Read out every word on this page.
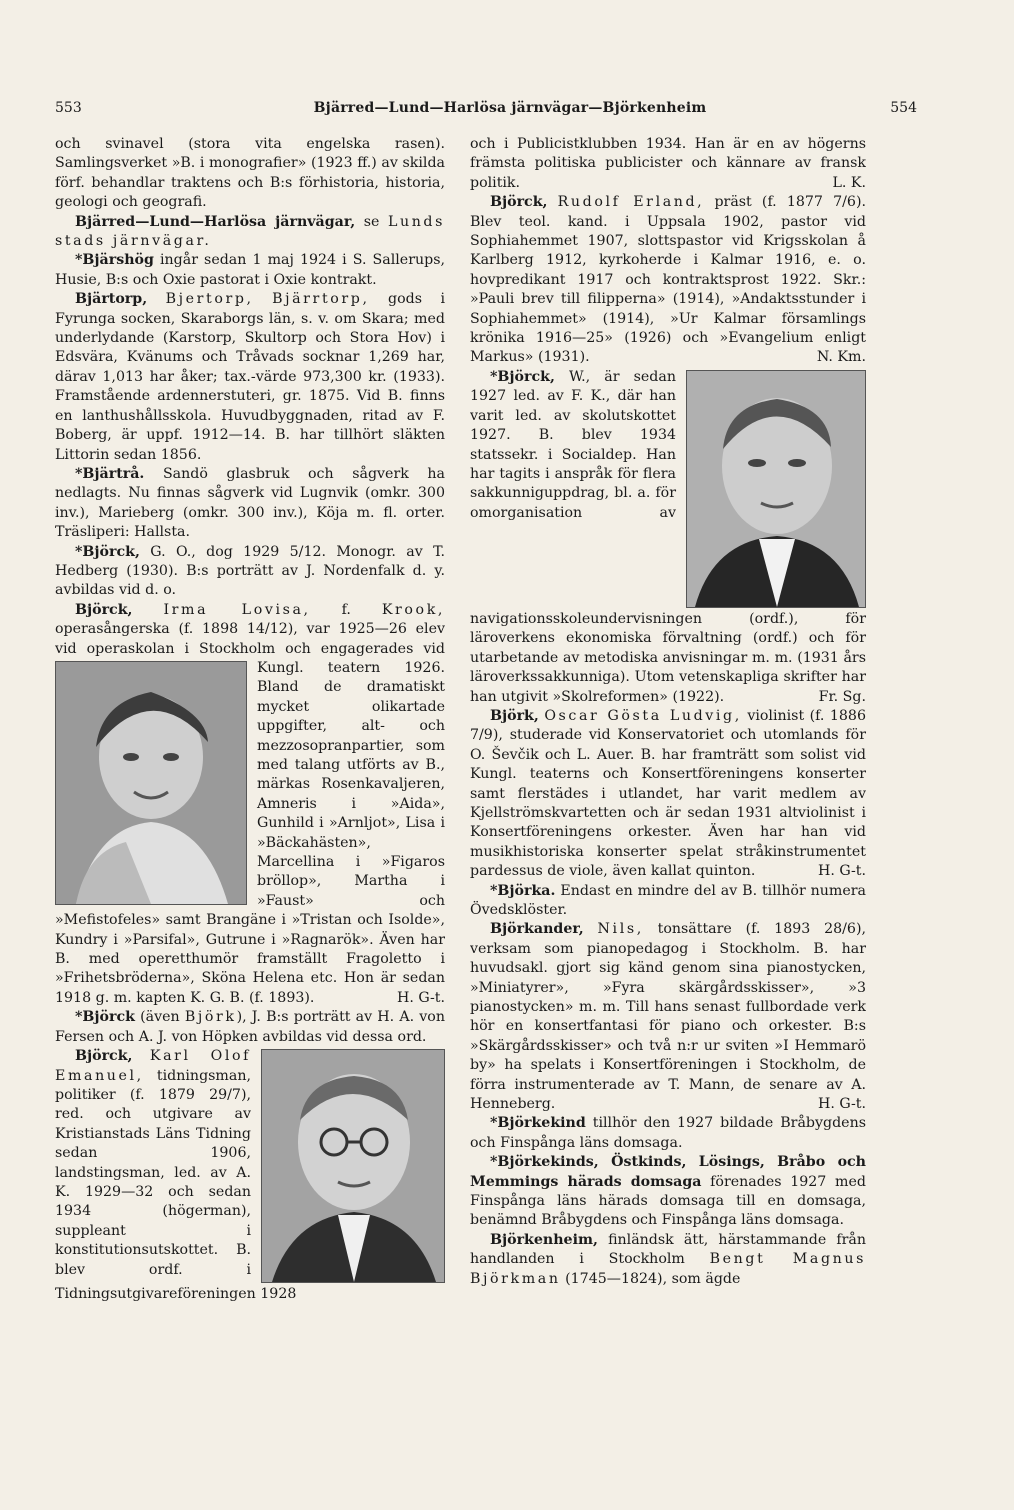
553	Bjärred—Lund—Harlösa järnvägar—Björkenheim	554

och svinavel (stora vita engelska rasen). Samlingsverket »B. i monografier» (1923 ff.) av skilda förf. behandlar traktens och B:s förhistoria, historia, geologi och geografi.

Bjärred—Lund—Harlösa järnvägar, se Lunds stads järnvägar.

*Bjärshög ingår sedan 1 maj 1924 i S. Sallerups, Husie, B:s och Oxie pastorat i Oxie kontrakt.

Bjärtorp, Bjertorp, Bjärrtorp, gods i Fyrunga socken, Skaraborgs län, s. v. om Skara; med underlydande (Karstorp, Skultorp och Stora Hov) i Edsvära, Kvänums och Tråvads socknar 1,269 har, därav 1,013 har åker; tax.-värde 973,300 kr. (1933). Framstående ardennerstuteri, gr. 1875. Vid B. finns en lanthushållsskola. Huvudbyggnaden, ritad av F. Boberg, är uppf. 1912—14. B. har tillhört släkten Littorin sedan 1856.

*Bjärtrå. Sandö glasbruk och sågverk ha nedlagts. Nu finnas sågverk vid Lugnvik (omkr. 300 inv.), Marieberg (omkr. 300 inv.), Köja m. fl. orter. Träsliperi: Hallsta.

*Björck, G. O., dog 1929 5/12. Monogr. av T. Hedberg (1930). B:s porträtt av J. Nordenfalk d. y. avbildas vid d. o.

Björck, Irma Lovisa, f. Krook, operasångerska (f. 1898 14/12), var 1925—26 elev vid operaskolan i Stockholm och engagerades vid Kungl. teatern 1926.
Bland de dramatiskt mycket olikartade uppgifter, alt- och mezzosopranpartier, som med talang utförts av B., märkas Rosenkavaljeren, Amneris i »Aida», Gunhild i »Arnljot», Lisa i »Bäckahästen», Marcellina i »Figaros bröllop», Martha i »Faust» och »Mefistofeles» samt Brangäne i »Tristan och Isolde», Kundry i »Parsifal», Gutrune i »Ragnarök». Även har B. med operetthumör framställt Fragoletto i »Frihetsbröderna», Sköna Helena etc. Hon är sedan 1918 g. m. kapten K. G. B. (f. 1893).	H. G-t.

*Björck (även Björk), J. B:s porträtt av H. A. von Fersen och A. J. von Höpken avbildas vid dessa ord.

Björck, Karl Olof Emanuel, tidningsman, politiker (f. 1879 29/7), red. och utgivare av Kristianstads Läns Tidning sedan 1906, landstingsman, led. av A. K. 1929—32 och sedan 1934 (högerman), suppleant i konstitutionsutskottet. B. blev ordf. i Tidningsutgivareföreningen 1928

och i Publicistklubben 1934. Han är en av högerns främsta politiska publicister och kännare av fransk politik.	L. K.

Björck, Rudolf Erland, präst (f. 1877 7/6). Blev teol. kand. i Uppsala 1902, pastor vid Sophiahemmet 1907, slottspastor vid Krigsskolan å Karlberg 1912, kyrkoherde i Kalmar 1916, e. o. hovpredikant 1917 och kontraktsprost 1922. Skr.: »Pauli brev till filipperna» (1914), »Andaktsstunder i Sophiahemmet» (1914), »Ur Kalmar församlings krönika 1916—25» (1926) och »Evangelium enligt Markus» (1931).	N. Km.

*Björck,
W., är sedan 1927 led. av F. K., där han varit led. av skolutskottet 1927. B. blev 1934 statssekr. i Socialdep. Han har tagits i anspråk för flera sakkunniguppdrag, bl. a. för omorganisation av navigationsskoleundervisningen (ordf.), för läroverkens ekonomiska förvaltning (ordf.) och för utarbetande av metodiska anvisningar m. m. (1931 års läroverkssakkunniga). Utom vetenskapliga skrifter har han utgivit »Skolreformen» (1922).	Fr. Sg.

Björk, Oscar Gösta Ludvig, violinist (f. 1886 7/9), studerade vid Konservatoriet och utomlands för O. Ševčik och L. Auer. B. har framträtt som solist vid Kungl. teaterns och Konsertföreningens konserter samt flerstädes i utlandet, har varit medlem av Kjellströmskvartetten och är sedan 1931 altviolinist i Konsertföreningens orkester. Även har han vid musikhistoriska konserter spelat stråkinstrumentet pardessus de viole, även kallat quinton.	H. G-t.

*Björka. Endast en mindre del av B. tillhör numera Övedsklöster.

Björkander, Nils, tonsättare (f. 1893 28/6), verksam som pianopedagog i Stockholm. B. har huvudsakl. gjort sig känd genom sina pianostycken, »Miniatyrer», »Fyra skärgårdsskisser», »3 pianostycken» m. m. Till hans senast fullbordade verk hör en konsertfantasi för piano och orkester. B:s »Skärgårdsskisser» och två n:r ur sviten »I Hemmarö by» ha spelats i Konsertföreningen i Stockholm, de förra instrumenterade av T. Mann, de senare av A. Henneberg.	H. G-t.

*Björkekind tillhör den 1927 bildade Bråbygdens och Finspånga läns domsaga.

*Björkekinds, Östkinds, Lösings, Bråbo och Memmings härads domsaga förenades 1927 med Finspånga läns härads domsaga till en domsaga, benämnd Bråbygdens och Finspånga läns domsaga.

Björkenheim, finländsk ätt, härstammande från handlanden i Stockholm Bengt Magnus Björkman (1745—1824), som ägde
